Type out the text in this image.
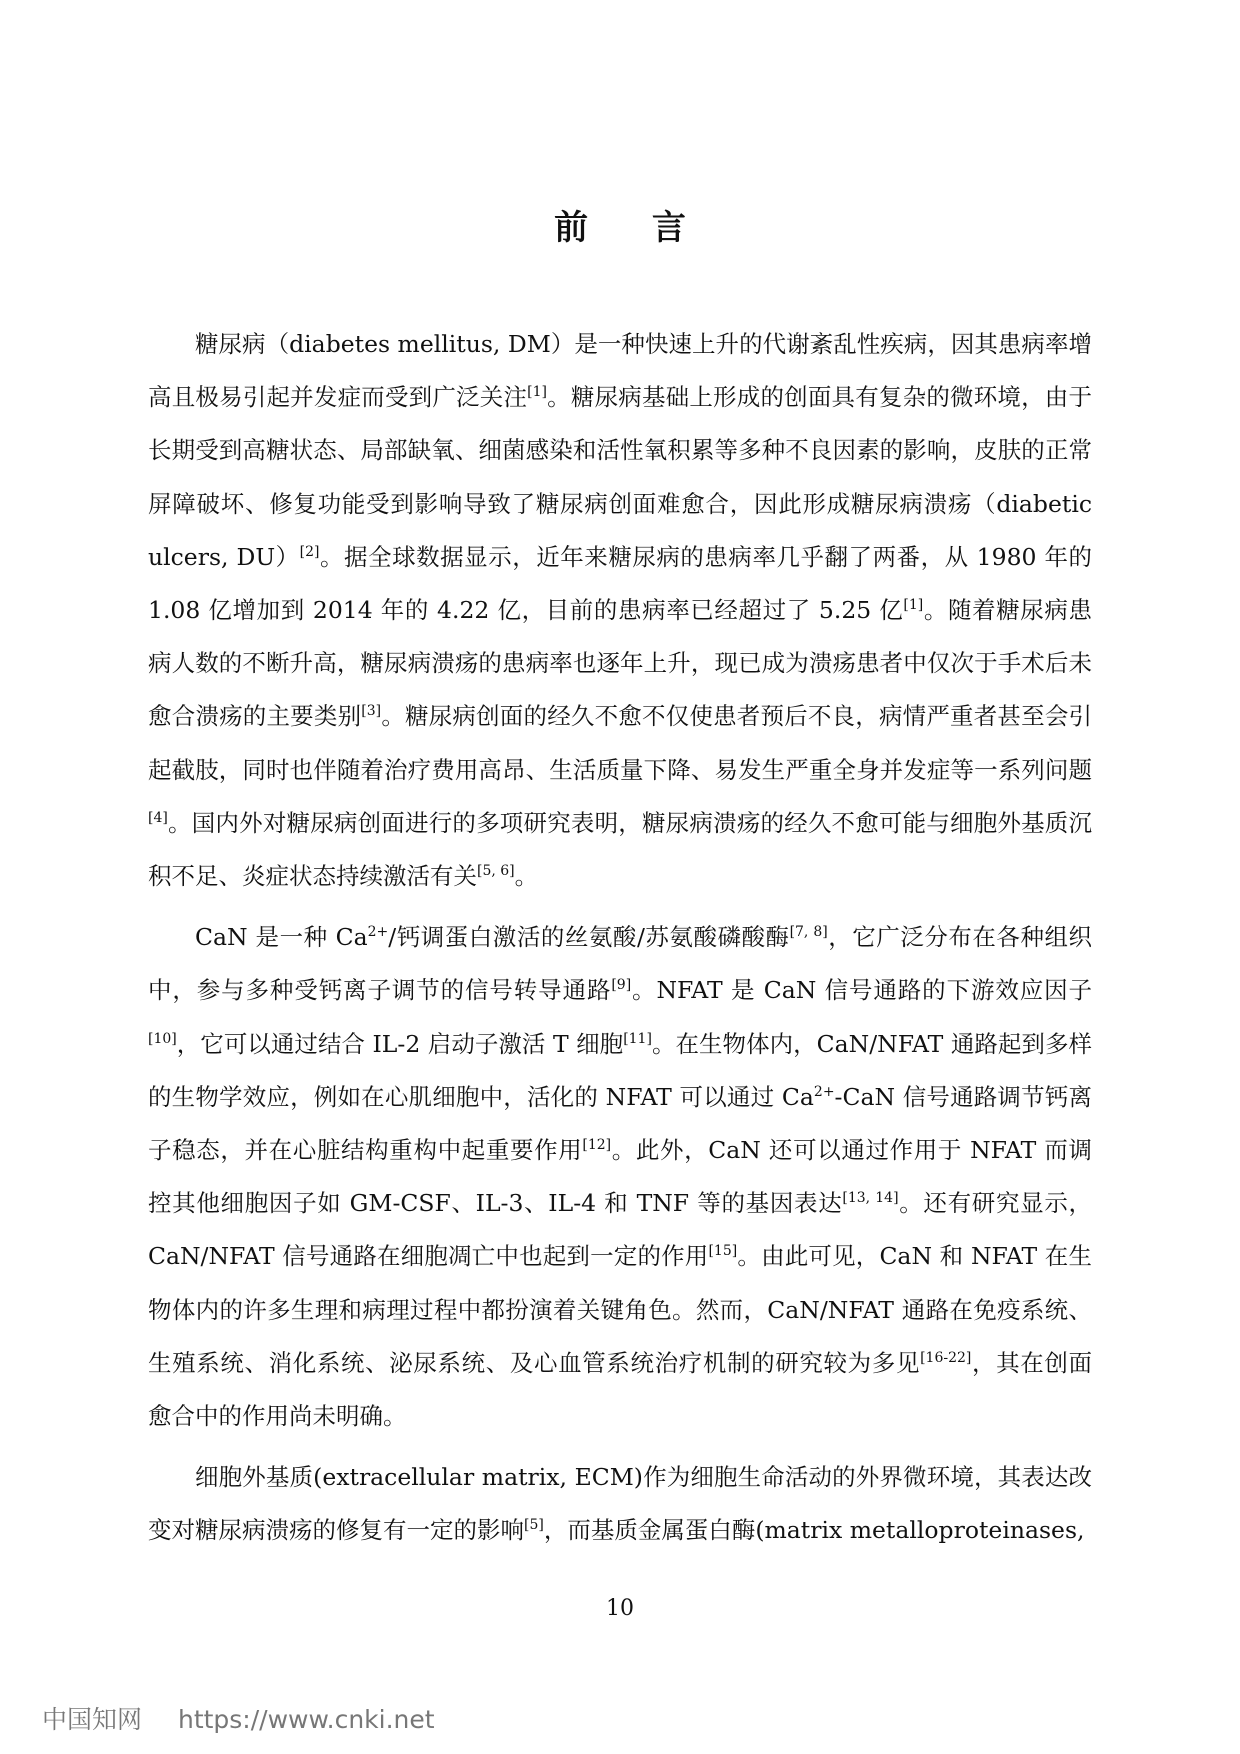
前 言

糖尿病（diabetes mellitus, DM）是一种快速上升的代谢紊乱性疾病，因其患病率增高且极易引起并发症而受到广泛关注[1]。糖尿病基础上形成的创面具有复杂的微环境，由于长期受到高糖状态、局部缺氧、细菌感染和活性氧积累等多种不良因素的影响，皮肤的正常屏障破坏、修复功能受到影响导致了糖尿病创面难愈合，因此形成糖尿病溃疡（diabetic ulcers, DU）[2]。据全球数据显示，近年来糖尿病的患病率几乎翻了两番，从 1980 年的 1.08 亿增加到 2014 年的 4.22 亿，目前的患病率已经超过了 5.25 亿[1]。随着糖尿病患病人数的不断升高，糖尿病溃疡的患病率也逐年上升，现已成为溃疡患者中仅次于手术后未愈合溃疡的主要类别[3]。糖尿病创面的经久不愈不仅使患者预后不良，病情严重者甚至会引起截肢，同时也伴随着治疗费用高昂、生活质量下降、易发生严重全身并发症等一系列问题[4]。国内外对糖尿病创面进行的多项研究表明，糖尿病溃疡的经久不愈可能与细胞外基质沉积不足、炎症状态持续激活有关[5, 6]。

CaN 是一种 $Ca^{2+}/$钙调蛋白激活的丝氨酸/苏氨酸磷酸酶[7, 8]，它广泛分布在各种组织中，参与多种受钙离子调节的信号转导通路[9]。NFAT 是 CaN 信号通路的下游效应因子[10]，它可以通过结合 IL-2 启动子激活 T 细胞[11]。在生物体内，CaN/NFAT 通路起到多样的生物学效应，例如在心肌细胞中，活化的 NFAT 可以通过 $Ca^{2+}$-CaN 信号通路调节钙离子稳态，并在心脏结构重构中起重要作用[12]。此外，CaN 还可以通过作用于 NFAT 而调控其他细胞因子如 GM-CSF、IL-3、IL-4 和 TNF 等的基因表达[13, 14]。还有研究显示，CaN/NFAT 信号通路在细胞凋亡中也起到一定的作用[15]。由此可见，CaN 和 NFAT 在生物体内的许多生理和病理过程中都扮演着关键角色。然而，CaN/NFAT 通路在免疫系统、生殖系统、消化系统、泌尿系统、及心血管系统治疗机制的研究较为多见[16-22]，其在创面愈合中的作用尚未明确。

细胞外基质(extracellular matrix, ECM)作为细胞生命活动的外界微环境，其表达改变对糖尿病溃疡的修复有一定的影响[5]，而基质金属蛋白酶(matrix metalloproteinases,

10
中国知网 https://www.cnki.net
